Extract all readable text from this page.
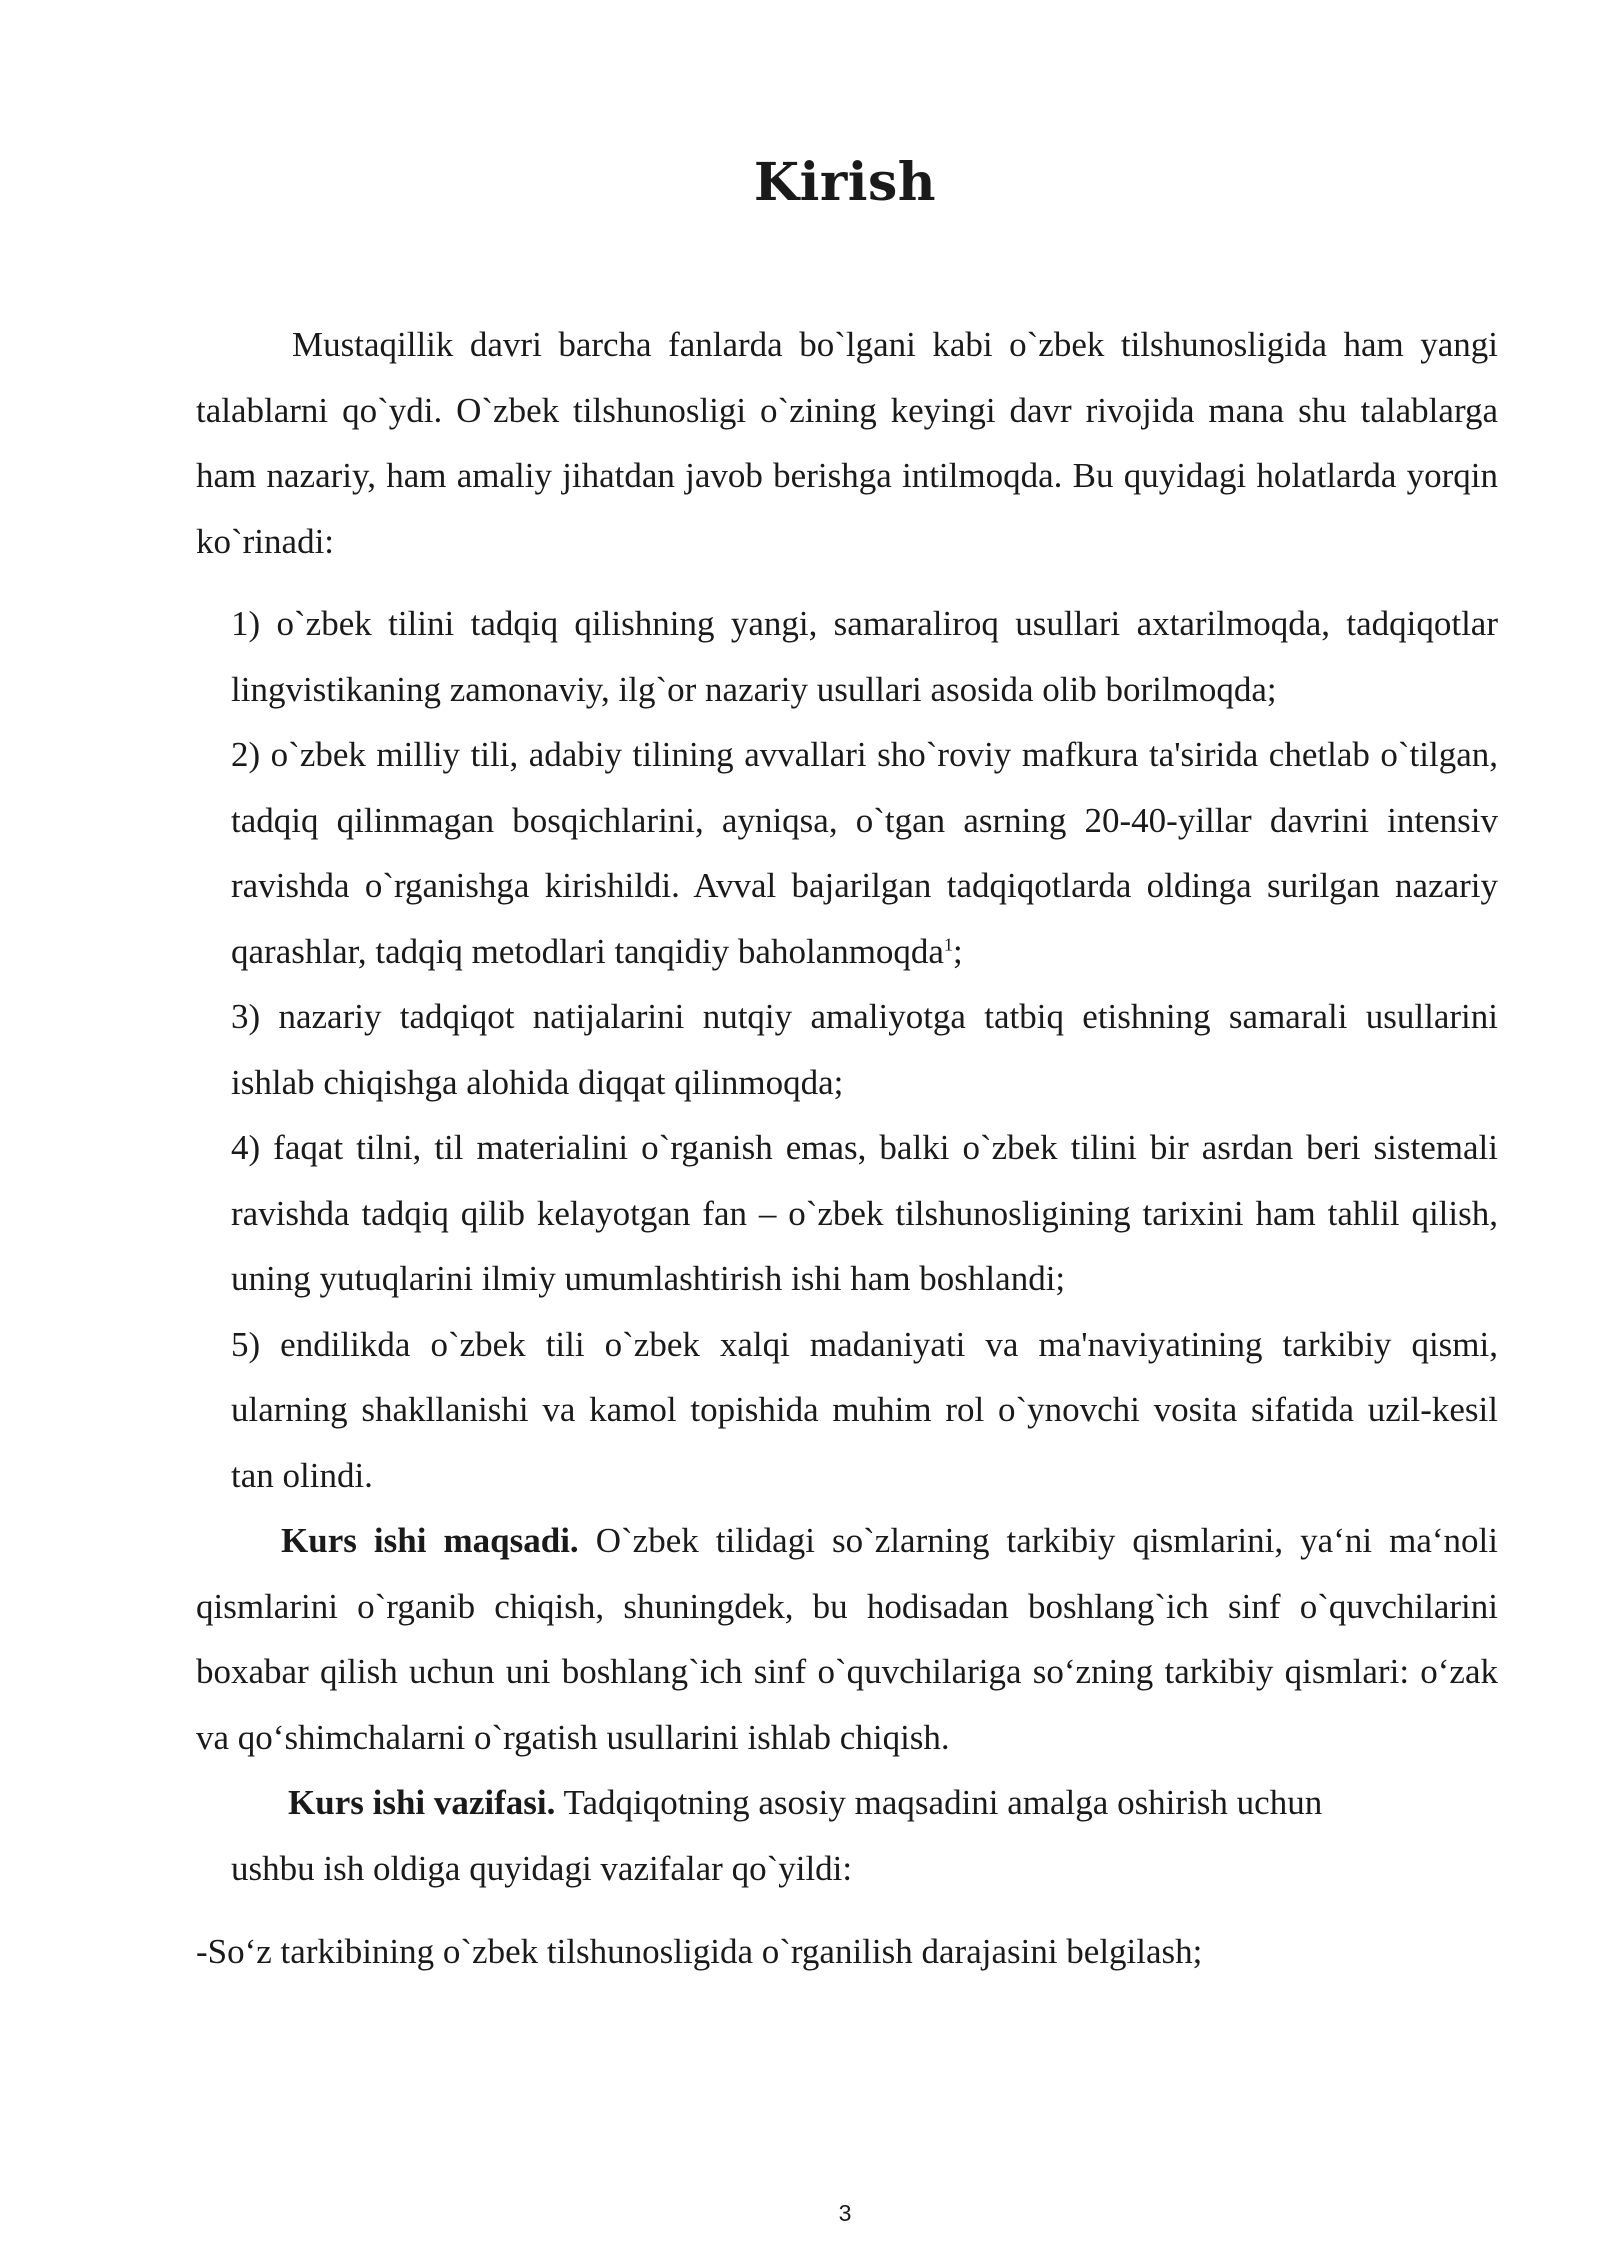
Kirish

Mustaqillik davri barcha fanlarda bo`lgani kabi o`zbek tilshunosligida ham yangi talablarni qo`ydi. O`zbek tilshunosligi o`zining keyingi davr rivojida mana shu talablarga ham nazariy, ham amaliy jihatdan javob berishga intilmoqda. Bu quyidagi holatlarda yorqin ko`rinadi:

1) o`zbek tilini tadqiq qilishning yangi, samaraliroq usullari axtarilmoqda, tadqiqotlar lingvistikaning zamonaviy, ilg`or nazariy usullari asosida olib borilmoqda;

2) o`zbek milliy tili, adabiy tilining avvallari sho`roviy mafkura ta'sirida chetlab o`tilgan, tadqiq qilinmagan bosqichlarini, ayniqsa, o`tgan asrning 20-40-yillar davrini intensiv ravishda o`rganishga kirishildi. Avval bajarilgan tadqiqotlarda oldinga surilgan nazariy qarashlar, tadqiq metodlari tanqidiy baholanmoqda$^1$;

3) nazariy tadqiqot natijalarini nutqiy amaliyotga tatbiq etishning samarali usullarini ishlab chiqishga alohida diqqat qilinmoqda;

4) faqat tilni, til materialini o`rganish emas, balki o`zbek tilini bir asrdan beri sistemali ravishda tadqiq qilib kelayotgan fan – o`zbek tilshunosligining tarixini ham tahlil qilish, uning yutuqlarini ilmiy umumlashtirish ishi ham boshlandi;

5) endilikda o`zbek tili o`zbek xalqi madaniyati va ma'naviyatining tarkibiy qismi, ularning shakllanishi va kamol topishida muhim rol o`ynovchi vosita sifatida uzil-kesil tan olindi.

Kurs ishi maqsadi. O`zbek tilidagi so`zlarning tarkibiy qismlarini, ya‘ni ma‘noli qismlarini o`rganib chiqish, shuningdek, bu hodisadan boshlang`ich sinf o`quvchilarini boxabar qilish uchun uni boshlang`ich sinf o`quvchilariga so‘zning tarkibiy qismlari: o‘zak va qo‘shimchalarni o`rgatish usullarini ishlab chiqish.

Kurs ishi vazifasi. Tadqiqotning asosiy maqsadini amalga oshirish uchun

ushbu ish oldiga quyidagi vazifalar qo`yildi:

-So‘z tarkibining o`zbek tilshunosligida o`rganilish darajasini belgilash;

3
